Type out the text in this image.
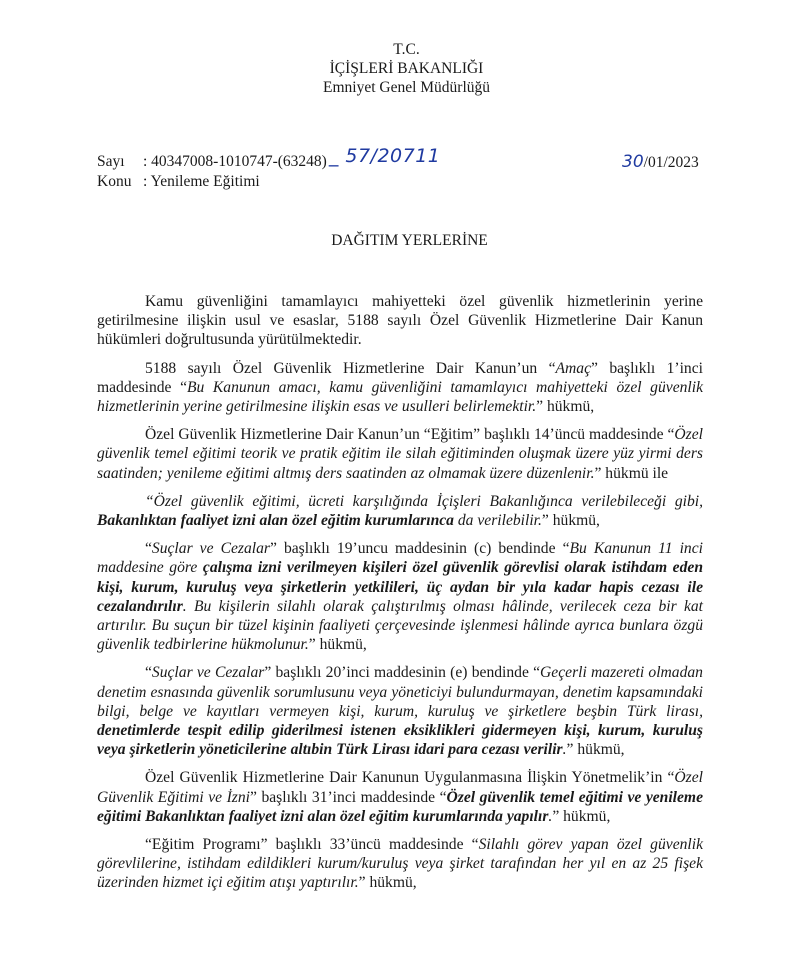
T.C.
İÇİŞLERİ BAKANLIĞI
Emniyet Genel Müdürlüğü
Sayı	: 40347008-1010747-(63248) _ 57/20711
Konu : Yenileme Eğitimi
30/01/2023
DAĞITIM YERLERİNE

Kamu güvenliğini tamamlayıcı mahiyetteki özel güvenlik hizmetlerinin yerine getirilmesine ilişkin usul ve esaslar, 5188 sayılı Özel Güvenlik Hizmetlerine Dair Kanun hükümleri doğrultusunda yürütülmektedir.

5188 sayılı Özel Güvenlik Hizmetlerine Dair Kanun’un “Amaç” başlıklı 1’inci maddesinde “Bu Kanunun amacı, kamu güvenliğini tamamlayıcı mahiyetteki özel güvenlik hizmetlerinin yerine getirilmesine ilişkin esas ve usulleri belirlemektir.” hükmü,

Özel Güvenlik Hizmetlerine Dair Kanun’un “Eğitim” başlıklı 14’üncü maddesinde “Özel güvenlik temel eğitimi teorik ve pratik eğitim ile silah eğitiminden oluşmak üzere yüz yirmi ders saatinden; yenileme eğitimi altmış ders saatinden az olmamak üzere düzenlenir.” hükmü ile

“Özel güvenlik eğitimi, ücreti karşılığında İçişleri Bakanlığınca verilebileceği gibi, Bakanlıktan faaliyet izni alan özel eğitim kurumlarınca da verilebilir.” hükmü,

“Suçlar ve Cezalar” başlıklı 19’uncu maddesinin (c) bendinde “Bu Kanunun 11 inci maddesine göre çalışma izni verilmeyen kişileri özel güvenlik görevlisi olarak istihdam eden kişi, kurum, kuruluş veya şirketlerin yetkilileri, üç aydan bir yıla kadar hapis cezası ile cezalandırılır. Bu kişilerin silahlı olarak çalıştırılmış olması hâlinde, verilecek ceza bir kat artırılır. Bu suçun bir tüzel kişinin faaliyeti çerçevesinde işlenmesi hâlinde ayrıca bunlara özgü güvenlik tedbirlerine hükmolunur.” hükmü,

“Suçlar ve Cezalar” başlıklı 20’inci maddesinin (e) bendinde “Geçerli mazereti olmadan denetim esnasında güvenlik sorumlusunu veya yöneticiyi bulundurmayan, denetim kapsamındaki bilgi, belge ve kayıtları vermeyen kişi, kurum, kuruluş ve şirketlere beşbin Türk lirası, denetimlerde tespit edilip giderilmesi istenen eksiklikleri gidermeyen kişi, kurum, kuruluş veya şirketlerin yöneticilerine altıbin Türk Lirası idari para cezası verilir.” hükmü,

Özel Güvenlik Hizmetlerine Dair Kanunun Uygulanmasına İlişkin Yönetmelik’in “Özel Güvenlik Eğitimi ve İzni” başlıklı 31’inci maddesinde “Özel güvenlik temel eğitimi ve yenileme eğitimi Bakanlıktan faaliyet izni alan özel eğitim kurumlarında yapılır.” hükmü,

“Eğitim Programı” başlıklı 33’üncü maddesinde “Silahlı görev yapan özel güvenlik görevlilerine, istihdam edildikleri kurum/kuruluş veya şirket tarafından her yıl en az 25 fişek üzerinden hizmet içi eğitim atışı yaptırılır.” hükmü,
